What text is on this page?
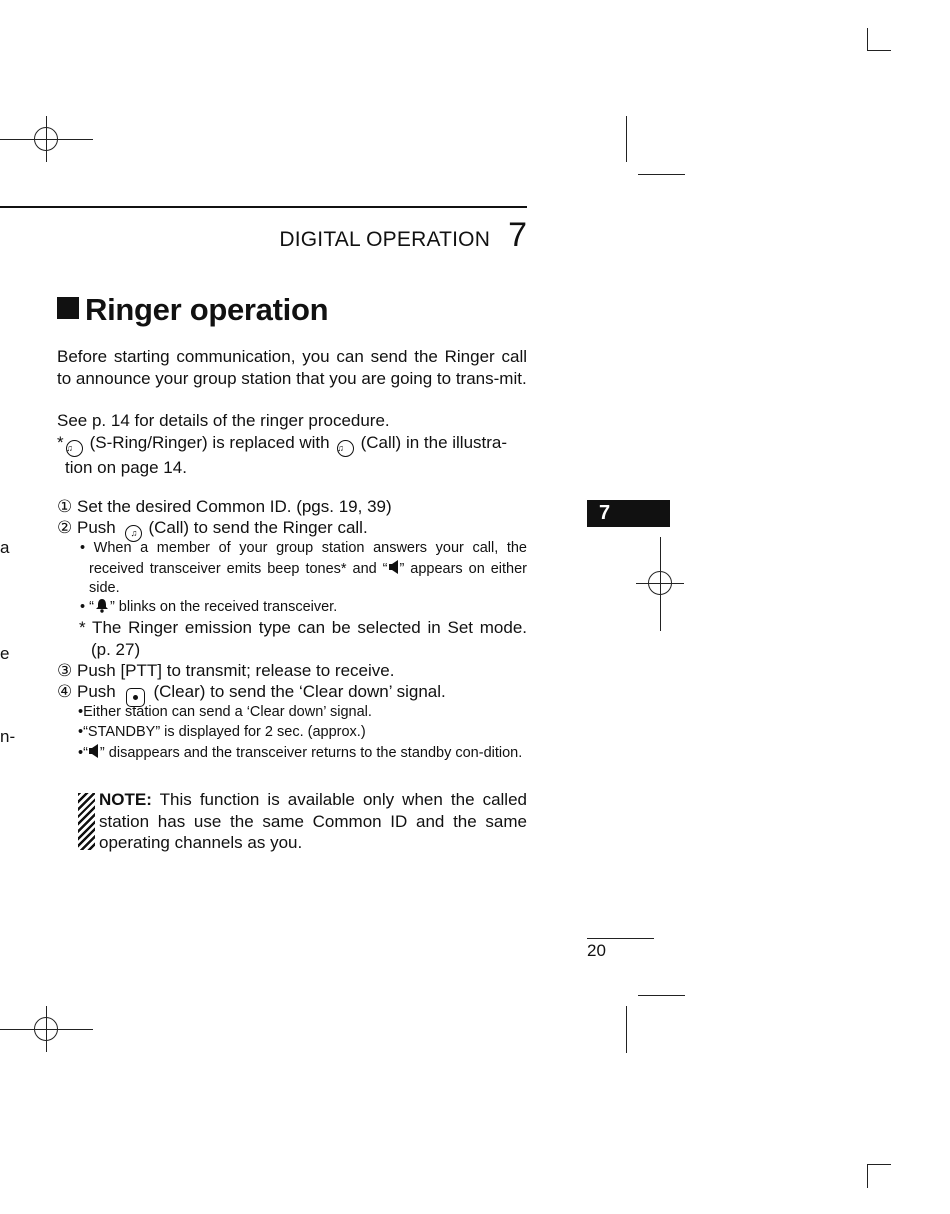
a
e
n-
DIGITAL OPERATION 7
Ringer operation
Before starting communication, you can send the Ringer call to announce your group station that you are going to trans-mit.
See p. 14 for details of the ringer procedure.
* ♫ (S-Ring/Ringer) is replaced with ♫ (Call) in the illustra-tion on page 14.
① Set the desired Common ID. (pgs. 19, 39)
② Push ♫ (Call) to send the Ringer call.
• When a member of your group station answers your call, the received transceiver emits beep tones* and “ ” appears on either side.
• “ ” blinks on the received transceiver.
* The Ringer emission type can be selected in Set mode. (p. 27)
③ Push [PTT] to transmit; release to receive.
④ Push (Clear) to send the ‘Clear down’ signal.
•Either station can send a ‘Clear down’ signal.
•“STANDBY” is displayed for 2 sec. (approx.)
•“ ” disappears and the transceiver returns to the standby con-dition.
NOTE: This function is available only when the called station has use the same Common ID and the same operating channels as you.
7
20
